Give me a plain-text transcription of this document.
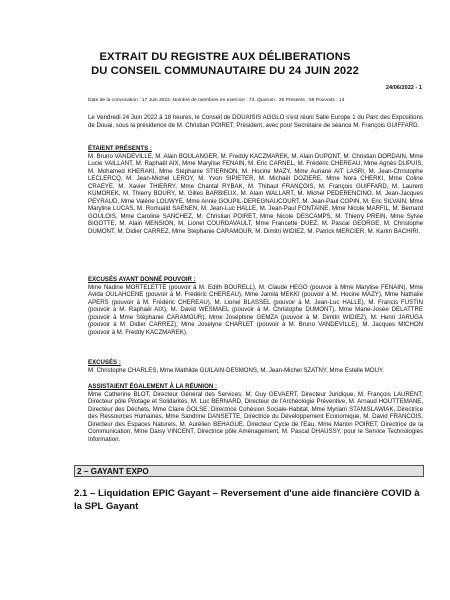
EXTRAIT DU REGISTRE AUX DÉLIBERATIONS
DU CONSEIL COMMUNAUTAIRE DU 24 JUIN 2022
24/06/2022 - 1
Date de la convocation : 17 Juin 2022. Nombre de membres en exercice : 73. Quorum : 25 Présents : 56 Pouvoirs : 13

Le Vendredi 24 Juin 2022 à 18 heures, le Conseil de DOUAISIS AGGLO s'est réuni Salle Europe 1 du Parc des Expositions de Douai, sous la présidence de M. Christian POIRET, Président, avec pour Secrétaire de séance M. François GUIFFARD.

ÉTAIENT PRÉSENTS :

M. Bruno VANDEVILLE, M. Alain BOULANGER, M. Freddy KACZMAREK, M. Alain DUPONT, M. Christian DORDAIN, Mme Lucie VAILLANT, M. Raphaël AIX, Mme Marylise FENAIN, M. Eric CARNEL, M. Frédéric CHEREAU, Mme Agnès DUPUIS, M. Mohamed KHERAKI, Mme Stéphanie STIERNON, M. Hocine MAZY, Mme Auriane AIT LASRI, M. Jean-Christophe LECLERCQ, M. Jean-Michel LEROY, M. Yvon SIPIETER, M. Michaël DOZIERE, Mme Nora CHERKI, Mme Coline CRAEYE, M. Xavier THIERRY, Mme Chantal RYBAK, M. Thibaut FRANÇOIS, M. François GUIFFARD, M. Laurent KUMOREK, M. Thierry BOURY, M. Gilles BARBIEUX, M. Alain WALLART, M. Michel PEDERENCINO, M. Jean-Jacques PEYRAUD, Mme Valérie LOUWYE, Mme Annie GOUPIL-DEREGNAUCOURT, M. Jean-Paul COPIN, M. Eric SILVAIN, Mme Maryline LUCAS, M. Romuald SAENEN, M. Jean-Luc HALLE, M. Jean-Paul FONTAINE, Mme Nicole MARFIL, M. Bernard GOULOIS, Mme Caroline SANCHEZ, M. Christian POIRET, Mme Nicole DESCAMPS, M. Thierry PREIN, Mme Sylvie BIGOTTE, M. Alain MENSION, M. Lionel COURDAVAULT, Mme Francette DUEZ, M. Pascal GEORGE, M. Christophe DUMONT, M. Didier CARREZ, Mme Stéphanie CARAMOUR, M. Dimitri WIDIEZ, M. Patrick MERCIER, M. Karim BACHIRI.

EXCUSÉS AYANT DONNÉ POUVOIR :

Mme Nadine MORTELETTE (pouvoir à M. Edith BOURELL), M. Claude HEGO (pouvoir à Mme Marylise FENAIN), Mme Avida OULAHCENE (pouvoir à M. Frédéric CHEREAU), Mme Jamila MEKKI (pouvoir à M. Hocine MAZY), Mme Nathalie APERS (pouvoir à M. Frédéric CHEREAU), M. Lionel BLASSEL (pouvoir à M. Jean-Luc HALLE), M. Francis FUSTIN (pouvoir à M. Raphaël AIX), M. David WESMAEL (pouvoir à M. Christophe DUMONT), Mme Marie-Josée DELATTRE (pouvoir à Mme Stéphanie CARAMOUR), Mme Joséphine GEMZA (pouvoir à M. Dimitri WIDIEZ), M. Henri JARUGA (pouvoir à M. Didier CARREZ), Mme Joselyne CHARLET (pouvoir à M. Bruno VANDEVILLE), M. Jacques MICHON (pouvoir à M. Freddy KACZMAREK).

EXCUSÉS :

M. Christophe CHARLES, Mme Mathilde GUILAIN-DESMONS, M. Jean-Michel SZATNY, Mme Estelle MOUY.

ASSISTAIENT ÉGALEMENT À LA RÉUNION :

Mme Catherine BLOT, Directeur Général des Services, M. Guy GEVAERT, Directeur Juridique, M. François LAURENT, Directeur pôle Pilotage et Solidarités, M. Luc BERNARD, Directeur de l'Archéologie Préventive, M. Arnaud HOUTTEMANE, Directeur des Déchets, Mme Claire GOLSE, Directrice Cohésion Sociale-Habitat, Mme Myriam STANISLAWIAK, Directrice des Ressources Humaines, Mme Sandrine DANSETTE, Directrice du Développement Economique, M. David FRANCOIS, Directeur des Espaces Naturels, M. Aurélien BEHAGUE, Directeur Cycle de l'Eau, Mme Marion POIRET, Directrice de la Communication, Mme Daisy VINCENT, Directrice pôle Aménagement, M. Pascal DHAUSSY, pour le Service Technologies Information.

2 – GAYANT EXPO
2.1 – Liquidation EPIC Gayant – Reversement d'une aide financière COVID à la SPL Gayant
